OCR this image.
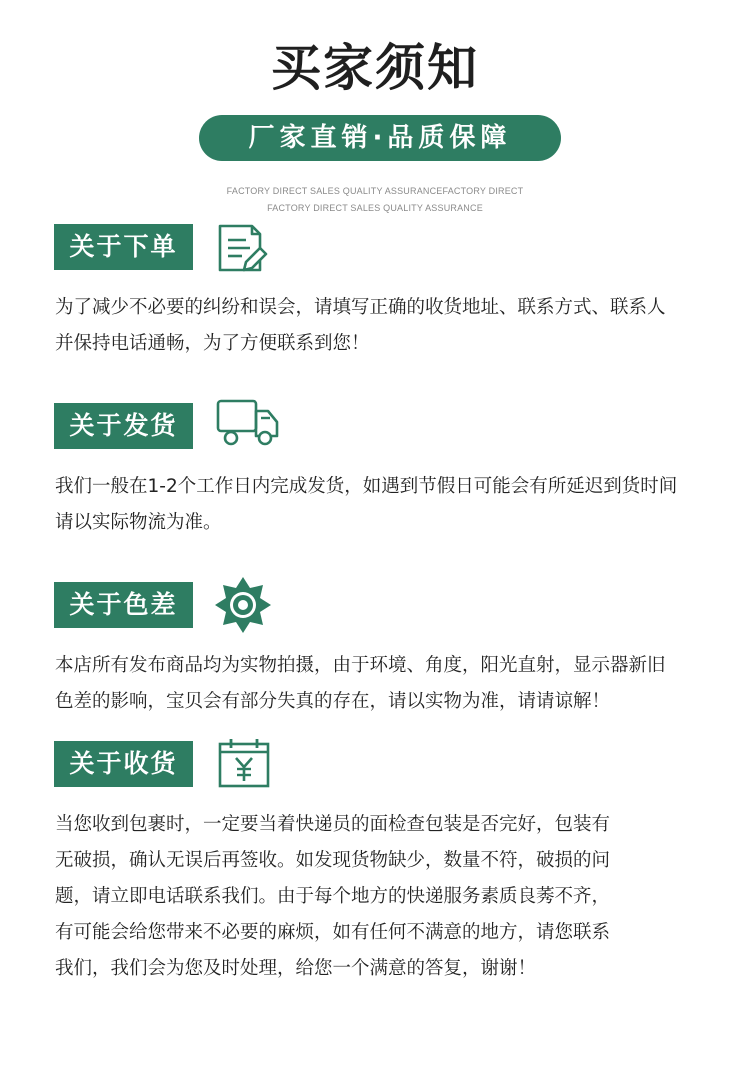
买家须知
厂家直销·品质保障
FACTORY DIRECT SALES QUALITY ASSURANCEFACTORY DIRECT
FACTORY DIRECT SALES QUALITY ASSURANCE
关于下单

为了减少不必要的纠纷和误会，请填写正确的收货地址、联系方式、联系人
并保持电话通畅，为了方便联系到您！

关于发货

我们一般在1-2个工作日内完成发货，如遇到节假日可能会有所延迟到货时间
请以实际物流为准。

关于色差

本店所有发布商品均为实物拍摄，由于环境、角度，阳光直射，显示器新旧
色差的影响，宝贝会有部分失真的存在，请以实物为准，请请谅解！

关于收货

当您收到包裹时，一定要当着快递员的面检查包装是否完好，包装有
无破损，确认无误后再签收。如发现货物缺少，数量不符，破损的问
题，请立即电话联系我们。由于每个地方的快递服务素质良莠不齐，
有可能会给您带来不必要的麻烦，如有任何不满意的地方，请您联系
我们，我们会为您及时处理，给您一个满意的答复，谢谢！
